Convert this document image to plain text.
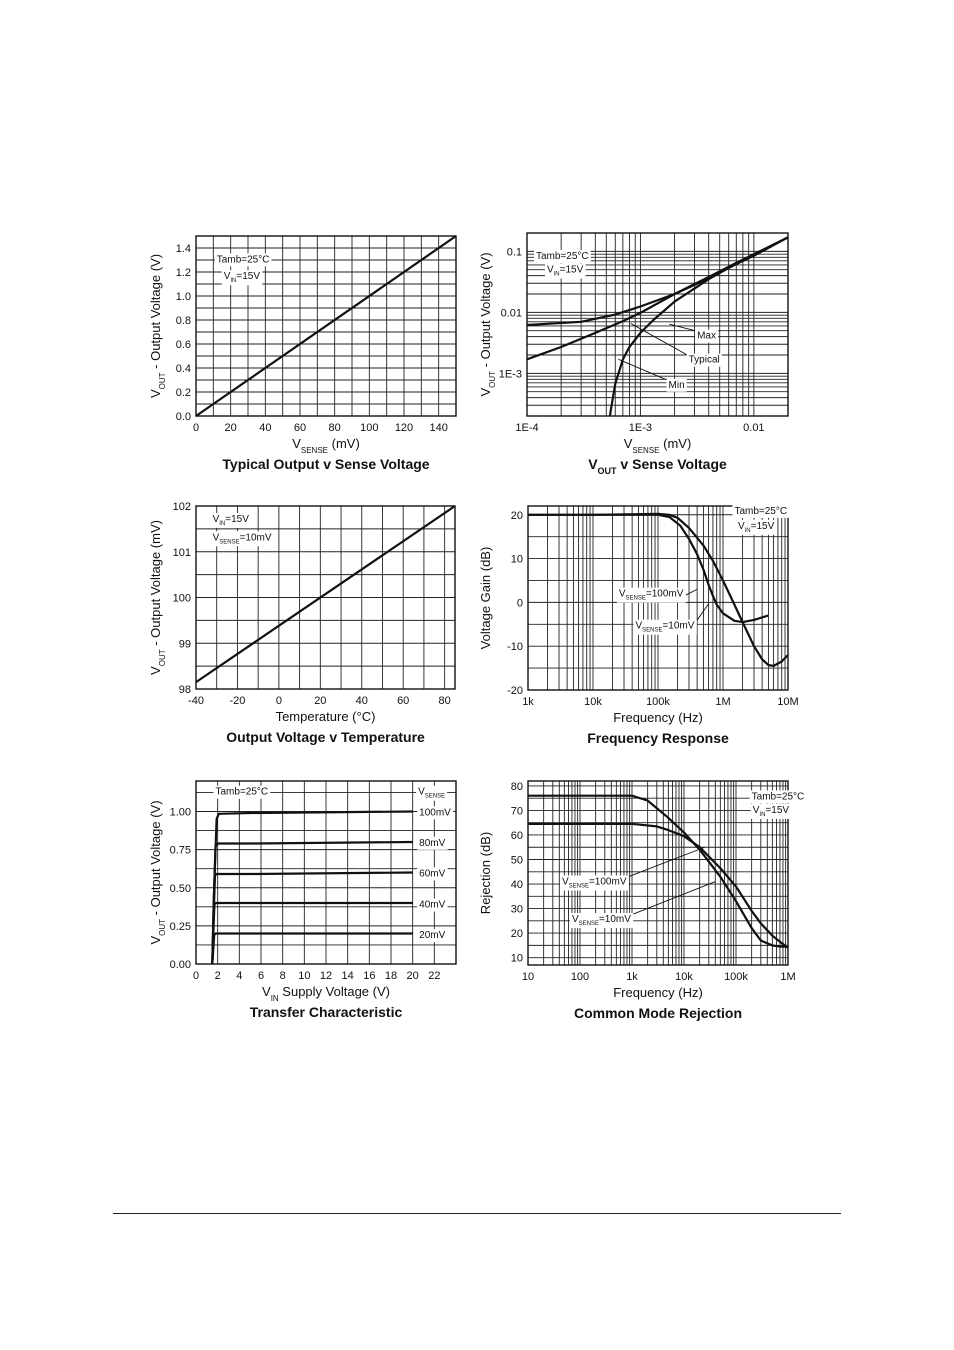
0 20 40 60 80 100 120 140
0.0
0.2
0.4
0.6
0.8
1.0
1.2
1.4
$V_{SENSE}$ (mV)
$V_{OUT}$ - Output Voltage (V)
Typical Output v Sense Voltage
Tamb=25°C
$V_{IN}=15V$
1E-4	1E-3	0.01
1E-3
0.01
0.1
$V_{SENSE}$ (mV)
$V_{OUT}$ - Output Voltage (V)
$V_{OUT}$ v Sense Voltage
Tamb=25°C
$V_{IN}=15V$
Max
Typical
Min
-40 -20	0	20	40	60	80
98
99
100
101
102
Temperature (°C)
$V_{OUT}$ - Output Voltage (mV)
Output Voltage v Temperature
$V_{IN}=15V$
$V_{SENSE}=10mV$
1k	10k	100k	1M	10M
-20
-10
0
10
20
Frequency (Hz)
Voltage Gain (dB)
Frequency Response
Tamb=25°C
$V_{IN}=15V$
$V_{SENSE}=100mV$
$V_{SENSE}=10mV$
0 2 4 6 8 10 12 14 16 18 20 22
0.00
0.25
0.50
0.75
1.00
$V_{IN}$ Supply Voltage (V)
$V_{OUT}$ - Output Voltage (V)
Transfer Characteristic
Tamb=25°C	$V_{SENSE}$
100mV
80mV
60mV
40mV
20mV
10	100	1k	10k	100k	1M
10
20
30
40
50
60
70
80
Frequency (Hz)
Rejection (dB)
Common Mode Rejection
Tamb=25°C
$V_{IN}=15V$
$V_{SENSE}=100mV$
$V_{SENSE}=10mV$
